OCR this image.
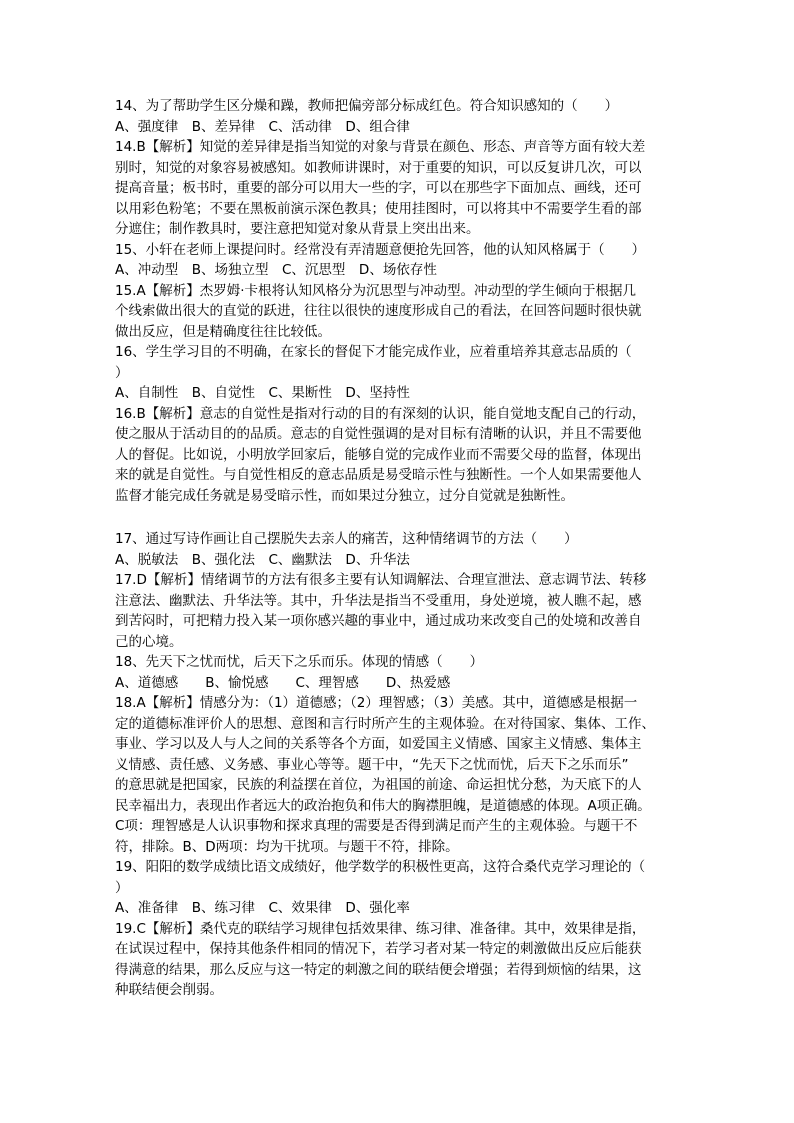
14、为了帮助学生区分燥和躁，教师把偏旁部分标成红色。符合知识感知的（　　）
A、强度律　B、差异律　C、活动律　D、组合律
14.B【解析】知觉的差异律是指当知觉的对象与背景在颜色、形态、声音等方面有较大差
别时，知觉的对象容易被感知。如教师讲课时，对于重要的知识，可以反复讲几次，可以
提高音量；板书时，重要的部分可以用大一些的字，可以在那些字下面加点、画线，还可
以用彩色粉笔；不要在黑板前演示深色教具；使用挂图时，可以将其中不需要学生看的部
分遮住；制作教具时，要注意把知觉对象从背景上突出出来。
15、小轩在老师上课提问时。经常没有弄清题意便抢先回答，他的认知风格属于（　　）
A、冲动型　B、场独立型　C、沉思型　D、场依存性
15.A【解析】杰罗姆·卡根将认知风格分为沉思型与冲动型。冲动型的学生倾向于根据几
个线索做出很大的直觉的跃进，往往以很快的速度形成自己的看法，在回答问题时很快就
做出反应，但是精确度往往比较低。
16、学生学习目的不明确，在家长的督促下才能完成作业，应着重培养其意志品质的（
）
A、自制性　B、自觉性　C、果断性　D、坚持性
16.B【解析】意志的自觉性是指对行动的目的有深刻的认识，能自觉地支配自己的行动，
使之服从于活动目的的品质。意志的自觉性强调的是对目标有清晰的认识，并且不需要他
人的督促。比如说，小明放学回家后，能够自觉的完成作业而不需要父母的监督，体现出
来的就是自觉性。与自觉性相反的意志品质是易受暗示性与独断性。一个人如果需要他人
监督才能完成任务就是易受暗示性，而如果过分独立，过分自觉就是独断性。
17、通过写诗作画让自己摆脱失去亲人的痛苦，这种情绪调节的方法（　　）
A、脱敏法　B、强化法　C、幽默法　D、升华法
17.D【解析】情绪调节的方法有很多主要有认知调解法、合理宣泄法、意志调节法、转移
注意法、幽默法、升华法等。其中，升华法是指当不受重用，身处逆境，被人瞧不起，感
到苦闷时，可把精力投入某一项你感兴趣的事业中，通过成功来改变自己的处境和改善自
己的心境。
18、先天下之忧而忧，后天下之乐而乐。体现的情感（　　）
A、道德感　　B、愉悦感　　C、理智感　　D、热爱感
18.A【解析】情感分为：（1）道德感；（2）理智感；（3）美感。其中，道德感是根据一
定的道德标准评价人的思想、意图和言行时所产生的主观体验。在对待国家、集体、工作、
事业、学习以及人与人之间的关系等各个方面，如爱国主义情感、国家主义情感、集体主
义情感、责任感、义务感、事业心等等。题干中，“先天下之忧而忧，后天下之乐而乐”
的意思就是把国家，民族的利益摆在首位，为祖国的前途、命运担忧分愁，为天底下的人
民幸福出力，表现出作者远大的政治抱负和伟大的胸襟胆魄，是道德感的体现。A项正确。
C项：理智感是人认识事物和探求真理的需要是否得到满足而产生的主观体验。与题干不
符，排除。B、D两项：均为干扰项。与题干不符，排除。
19、阳阳的数学成绩比语文成绩好，他学数学的积极性更高，这符合桑代克学习理论的（
）
A、准备律　B、练习律　C、效果律　D、强化率
19.C【解析】桑代克的联结学习规律包括效果律、练习律、准备律。其中，效果律是指，
在试误过程中，保持其他条件相同的情况下，若学习者对某一特定的刺激做出反应后能获
得满意的结果，那么反应与这一特定的刺激之间的联结便会增强；若得到烦恼的结果，这
种联结便会削弱。
